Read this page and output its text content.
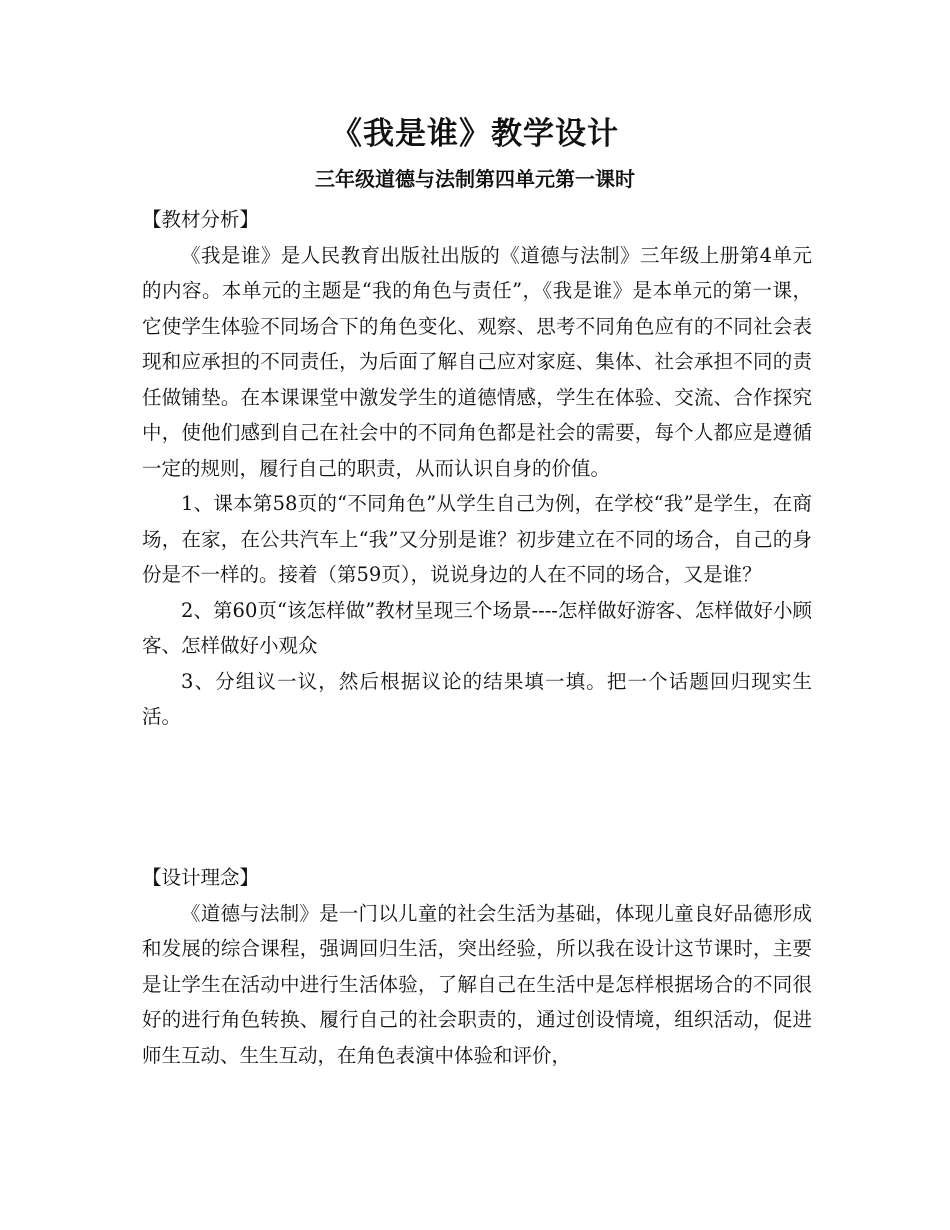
《我是谁》教学设计
三年级道德与法制第四单元第一课时
【教材分析】

《我是谁》是人民教育出版社出版的《道德与法制》三年级上册第4单元的内容。本单元的主题是“我的角色与责任”，《我是谁》是本单元的第一课，它使学生体验不同场合下的角色变化、观察、思考不同角色应有的不同社会表现和应承担的不同责任，为后面了解自己应对家庭、集体、社会承担不同的责任做铺垫。在本课课堂中激发学生的道德情感，学生在体验、交流、合作探究中，使他们感到自己在社会中的不同角色都是社会的需要，每个人都应是遵循一定的规则，履行自己的职责，从而认识自身的价值。

1、课本第58页的“不同角色”从学生自己为例，在学校“我”是学生，在商场，在家，在公共汽车上“我”又分别是谁？初步建立在不同的场合，自己的身份是不一样的。接着（第59页），说说身边的人在不同的场合，又是谁？

2、第60页“该怎样做”教材呈现三个场景----怎样做好游客、怎样做好小顾客、怎样做好小观众

3、分组议一议，然后根据议论的结果填一填。把一个话题回归现实生活。

【设计理念】

《道德与法制》是一门以儿童的社会生活为基础，体现儿童良好品德形成和发展的综合课程，强调回归生活，突出经验，所以我在设计这节课时，主要是让学生在活动中进行生活体验，了解自己在生活中是怎样根据场合的不同很好的进行角色转换、履行自己的社会职责的，通过创设情境，组织活动，促进师生互动、生生互动，在角色表演中体验和评价，
